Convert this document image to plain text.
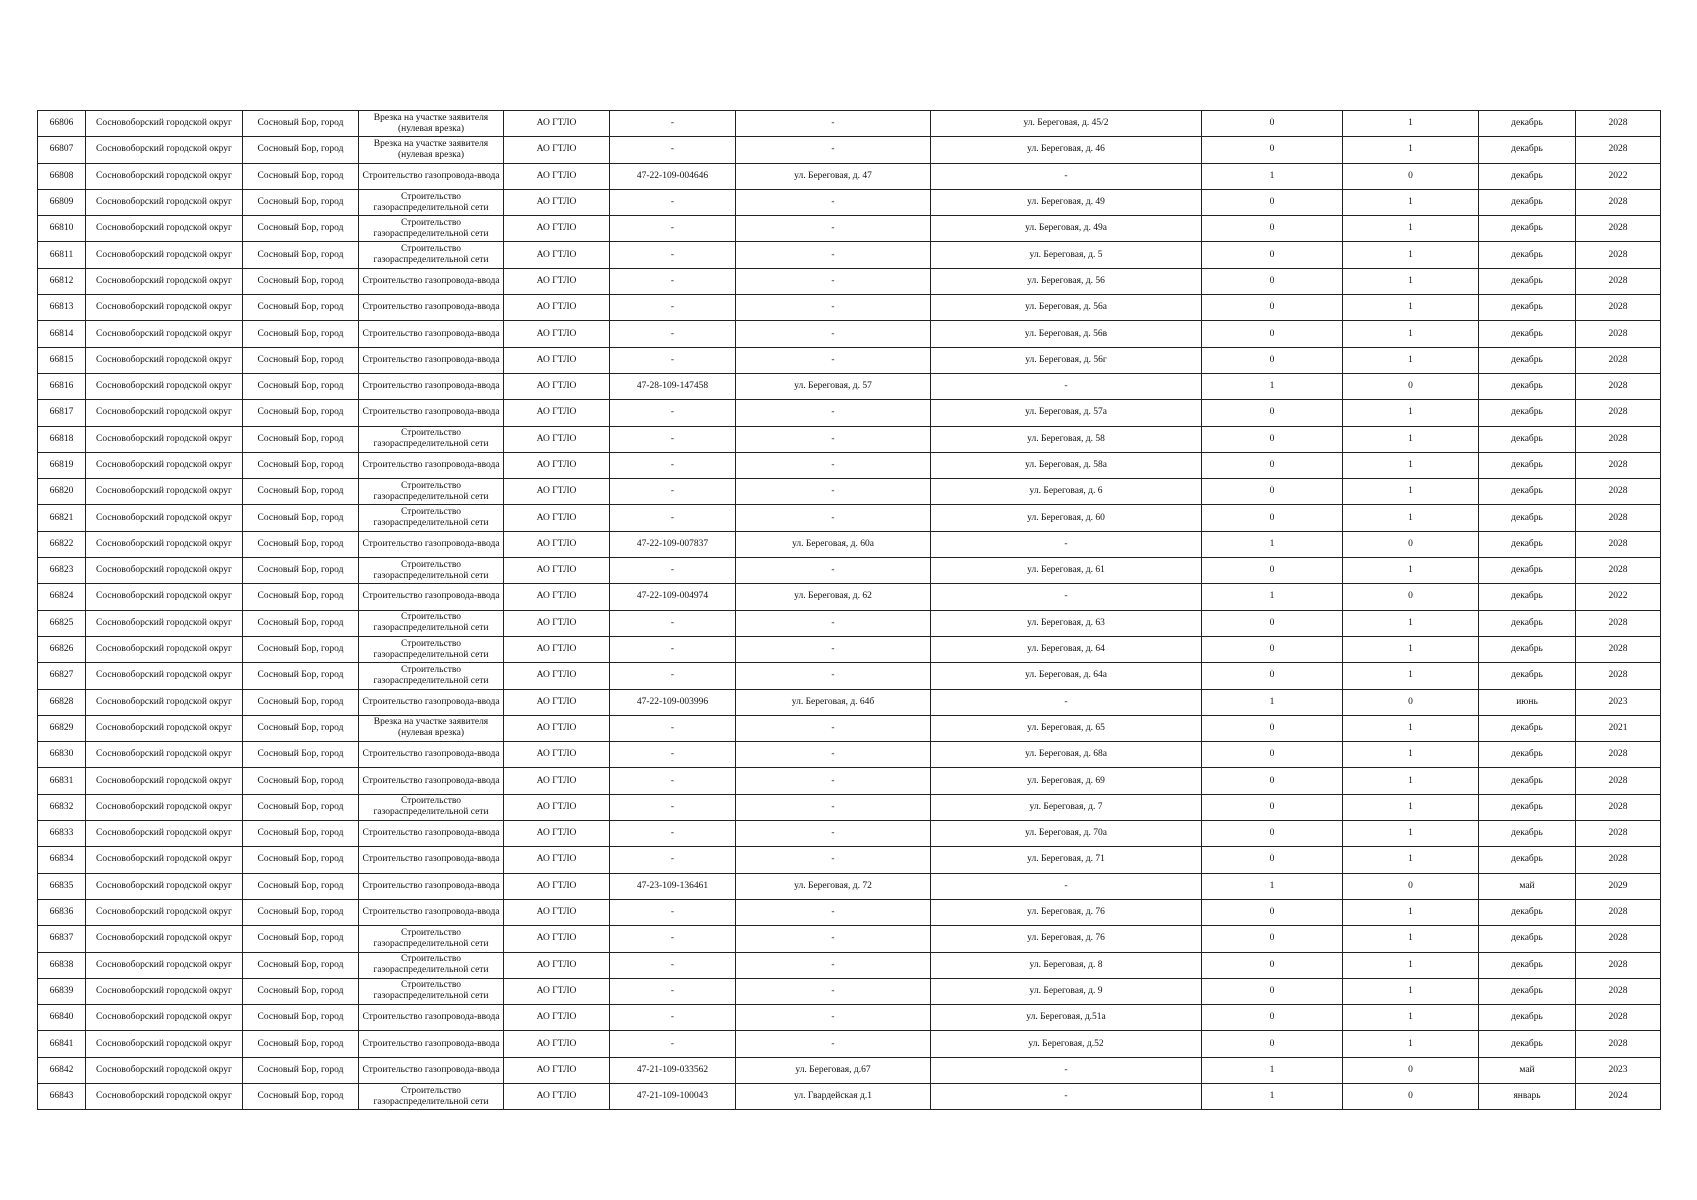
66806	Сосновоборский городской округ	Сосновый Бор, город	Врезка на участке заявителя (нулевая врезка)	АО ГТЛО	-	-	ул. Береговая, д. 45/2	0	1	декабрь	2028
66807	Сосновоборский городской округ	Сосновый Бор, город	Врезка на участке заявителя (нулевая врезка)	АО ГТЛО	-	-	ул. Береговая, д. 46	0	1	декабрь	2028
66808	Сосновоборский городской округ	Сосновый Бор, город	Строительство газопровода-ввода	АО ГТЛО	47-22-109-004646	ул. Береговая, д. 47	-	1	0	декабрь	2022
66809	Сосновоборский городской округ	Сосновый Бор, город	Строительство газораспределительной сети	АО ГТЛО	-	-	ул. Береговая, д. 49	0	1	декабрь	2028
66810	Сосновоборский городской округ	Сосновый Бор, город	Строительство газораспределительной сети	АО ГТЛО	-	-	ул. Береговая, д. 49а	0	1	декабрь	2028
66811	Сосновоборский городской округ	Сосновый Бор, город	Строительство газораспределительной сети	АО ГТЛО	-	-	ул. Береговая, д. 5	0	1	декабрь	2028
66812	Сосновоборский городской округ	Сосновый Бор, город	Строительство газопровода-ввода	АО ГТЛО	-	-	ул. Береговая, д. 56	0	1	декабрь	2028
66813	Сосновоборский городской округ	Сосновый Бор, город	Строительство газопровода-ввода	АО ГТЛО	-	-	ул. Береговая, д. 56а	0	1	декабрь	2028
66814	Сосновоборский городской округ	Сосновый Бор, город	Строительство газопровода-ввода	АО ГТЛО	-	-	ул. Береговая, д. 56в	0	1	декабрь	2028
66815	Сосновоборский городской округ	Сосновый Бор, город	Строительство газопровода-ввода	АО ГТЛО	-	-	ул. Береговая, д. 56г	0	1	декабрь	2028
66816	Сосновоборский городской округ	Сосновый Бор, город	Строительство газопровода-ввода	АО ГТЛО	47-28-109-147458	ул. Береговая, д. 57	-	1	0	декабрь	2028
66817	Сосновоборский городской округ	Сосновый Бор, город	Строительство газопровода-ввода	АО ГТЛО	-	-	ул. Береговая, д. 57а	0	1	декабрь	2028
66818	Сосновоборский городской округ	Сосновый Бор, город	Строительство газораспределительной сети	АО ГТЛО	-	-	ул. Береговая, д. 58	0	1	декабрь	2028
66819	Сосновоборский городской округ	Сосновый Бор, город	Строительство газопровода-ввода	АО ГТЛО	-	-	ул. Береговая, д. 58а	0	1	декабрь	2028
66820	Сосновоборский городской округ	Сосновый Бор, город	Строительство газораспределительной сети	АО ГТЛО	-	-	ул. Береговая, д. 6	0	1	декабрь	2028
66821	Сосновоборский городской округ	Сосновый Бор, город	Строительство газораспределительной сети	АО ГТЛО	-	-	ул. Береговая, д. 60	0	1	декабрь	2028
66822	Сосновоборский городской округ	Сосновый Бор, город	Строительство газопровода-ввода	АО ГТЛО	47-22-109-007837	ул. Береговая, д. 60а	-	1	0	декабрь	2028
66823	Сосновоборский городской округ	Сосновый Бор, город	Строительство газораспределительной сети	АО ГТЛО	-	-	ул. Береговая, д. 61	0	1	декабрь	2028
66824	Сосновоборский городской округ	Сосновый Бор, город	Строительство газопровода-ввода	АО ГТЛО	47-22-109-004974	ул. Береговая, д. 62	-	1	0	декабрь	2022
66825	Сосновоборский городской округ	Сосновый Бор, город	Строительство газораспределительной сети	АО ГТЛО	-	-	ул. Береговая, д. 63	0	1	декабрь	2028
66826	Сосновоборский городской округ	Сосновый Бор, город	Строительство газораспределительной сети	АО ГТЛО	-	-	ул. Береговая, д. 64	0	1	декабрь	2028
66827	Сосновоборский городской округ	Сосновый Бор, город	Строительство газораспределительной сети	АО ГТЛО	-	-	ул. Береговая, д. 64а	0	1	декабрь	2028
66828	Сосновоборский городской округ	Сосновый Бор, город	Строительство газопровода-ввода	АО ГТЛО	47-22-109-003996	ул. Береговая, д. 64б	-	1	0	июнь	2023
66829	Сосновоборский городской округ	Сосновый Бор, город	Врезка на участке заявителя (нулевая врезка)	АО ГТЛО	-	-	ул. Береговая, д. 65	0	1	декабрь	2021
66830	Сосновоборский городской округ	Сосновый Бор, город	Строительство газопровода-ввода	АО ГТЛО	-	-	ул. Береговая, д. 68а	0	1	декабрь	2028
66831	Сосновоборский городской округ	Сосновый Бор, город	Строительство газопровода-ввода	АО ГТЛО	-	-	ул. Береговая, д. 69	0	1	декабрь	2028
66832	Сосновоборский городской округ	Сосновый Бор, город	Строительство газораспределительной сети	АО ГТЛО	-	-	ул. Береговая, д. 7	0	1	декабрь	2028
66833	Сосновоборский городской округ	Сосновый Бор, город	Строительство газопровода-ввода	АО ГТЛО	-	-	ул. Береговая, д. 70а	0	1	декабрь	2028
66834	Сосновоборский городской округ	Сосновый Бор, город	Строительство газопровода-ввода	АО ГТЛО	-	-	ул. Береговая, д. 71	0	1	декабрь	2028
66835	Сосновоборский городской округ	Сосновый Бор, город	Строительство газопровода-ввода	АО ГТЛО	47-23-109-136461	ул. Береговая, д. 72	-	1	0	май	2029
66836	Сосновоборский городской округ	Сосновый Бор, город	Строительство газопровода-ввода	АО ГТЛО	-	-	ул. Береговая, д. 76	0	1	декабрь	2028
66837	Сосновоборский городской округ	Сосновый Бор, город	Строительство газораспределительной сети	АО ГТЛО	-	-	ул. Береговая, д. 76	0	1	декабрь	2028
66838	Сосновоборский городской округ	Сосновый Бор, город	Строительство газораспределительной сети	АО ГТЛО	-	-	ул. Береговая, д. 8	0	1	декабрь	2028
66839	Сосновоборский городской округ	Сосновый Бор, город	Строительство газораспределительной сети	АО ГТЛО	-	-	ул. Береговая, д. 9	0	1	декабрь	2028
66840	Сосновоборский городской округ	Сосновый Бор, город	Строительство газопровода-ввода	АО ГТЛО	-	-	ул. Береговая, д.51а	0	1	декабрь	2028
66841	Сосновоборский городской округ	Сосновый Бор, город	Строительство газопровода-ввода	АО ГТЛО	-	-	ул. Береговая, д.52	0	1	декабрь	2028
66842	Сосновоборский городской округ	Сосновый Бор, город	Строительство газопровода-ввода	АО ГТЛО	47-21-109-033562	ул. Береговая, д.67	-	1	0	май	2023
66843	Сосновоборский городской округ	Сосновый Бор, город	Строительство газораспределительной сети	АО ГТЛО	47-21-109-100043	ул. Гвардейская д.1	-	1	0	январь	2024
